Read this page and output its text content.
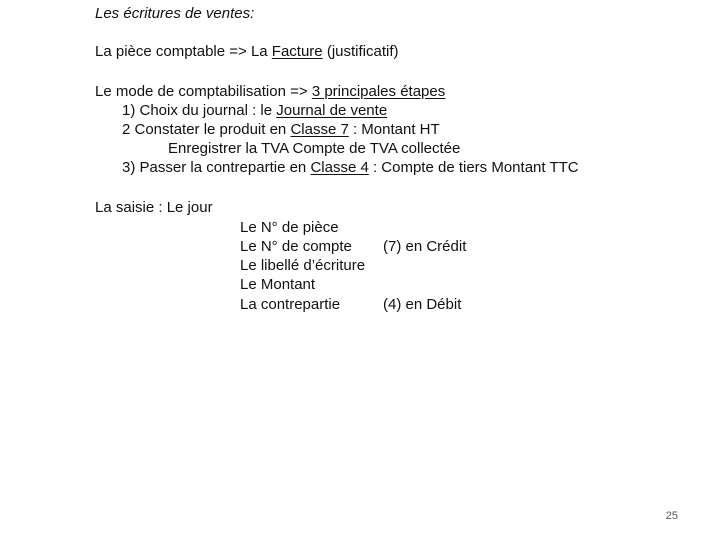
Les écritures de ventes:
La pièce comptable => La Facture (justificatif)
Le mode de comptabilisation => 3 principales étapes
1) Choix du journal : le Journal de vente
2 Constater le produit en Classe 7 : Montant HT
Enregistrer la TVA Compte de TVA collectée
3) Passer la contrepartie en Classe 4 : Compte de tiers Montant TTC
La saisie : Le jour
Le N° de pièce
Le N° de compte (7) en Crédit
Le libellé d’écriture
Le Montant
La contrepartie	(4) en Débit
25
